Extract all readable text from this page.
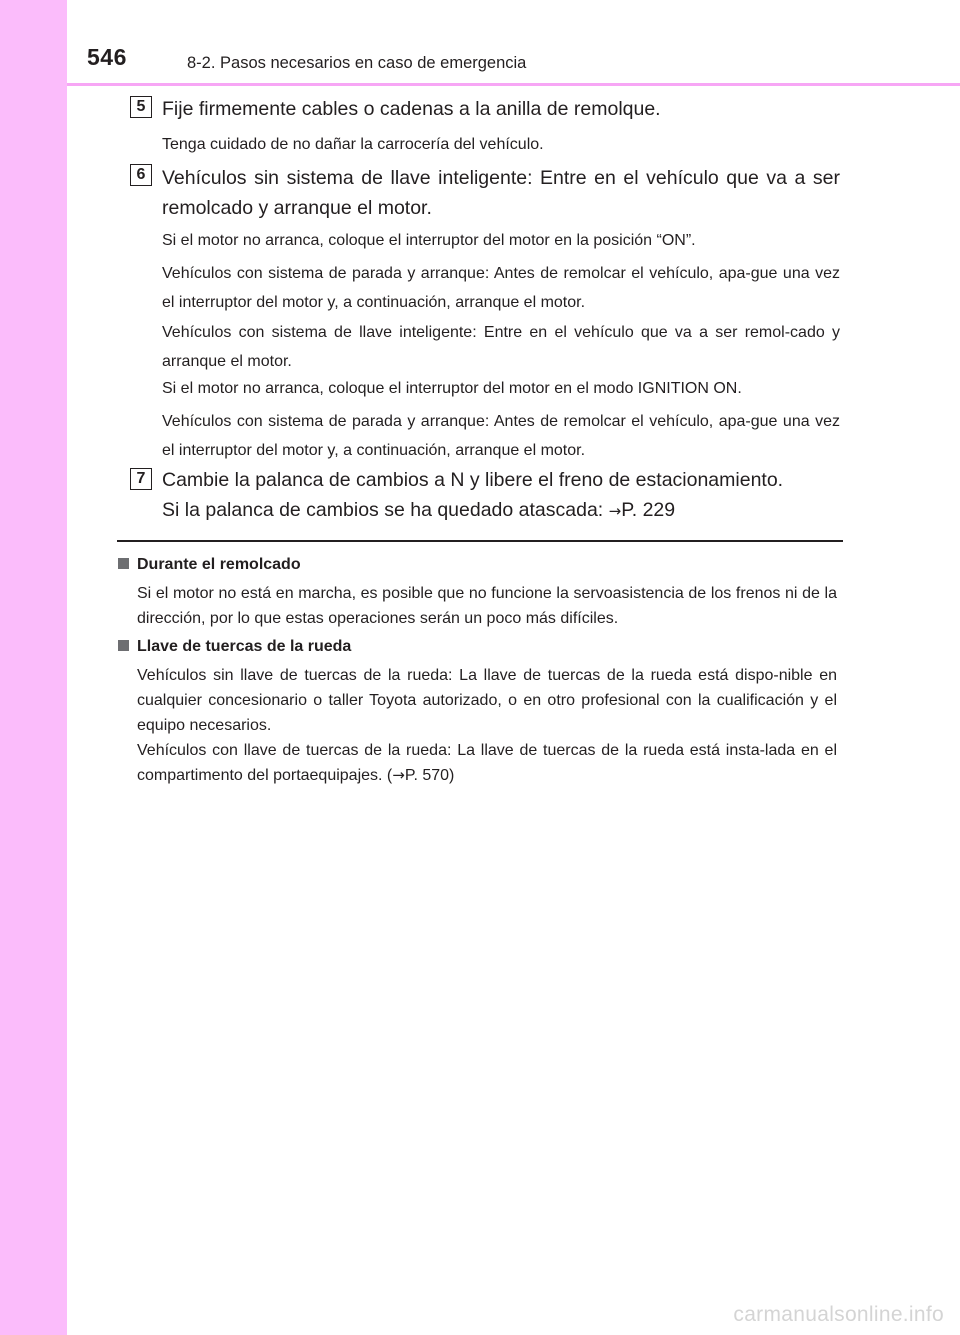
546	8-2. Pasos necesarios en caso de emergencia
5 Fije firmemente cables o cadenas a la anilla de remolque.
Tenga cuidado de no dañar la carrocería del vehículo.
6 Vehículos sin sistema de llave inteligente: Entre en el vehículo que va a ser remolcado y arranque el motor.
Si el motor no arranca, coloque el interruptor del motor en la posición “ON”.
Vehículos con sistema de parada y arranque: Antes de remolcar el vehículo, apa-gue una vez el interruptor del motor y, a continuación, arranque el motor.
Vehículos con sistema de llave inteligente: Entre en el vehículo que va a ser remol-cado y arranque el motor.
Si el motor no arranca, coloque el interruptor del motor en el modo IGNITION ON.
Vehículos con sistema de parada y arranque: Antes de remolcar el vehículo, apa-gue una vez el interruptor del motor y, a continuación, arranque el motor.
7 Cambie la palanca de cambios a N y libere el freno de estacionamiento.
Si la palanca de cambios se ha quedado atascada: →P. 229
Durante el remolcado
Si el motor no está en marcha, es posible que no funcione la servoasistencia de los frenos ni de la dirección, por lo que estas operaciones serán un poco más difíciles.
Llave de tuercas de la rueda
Vehículos sin llave de tuercas de la rueda: La llave de tuercas de la rueda está dispo-nible en cualquier concesionario o taller Toyota autorizado, o en otro profesional con la cualificación y el equipo necesarios.
Vehículos con llave de tuercas de la rueda: La llave de tuercas de la rueda está insta-lada en el compartimento del portaequipajes. (→P. 570)
carmanualsonline.info
